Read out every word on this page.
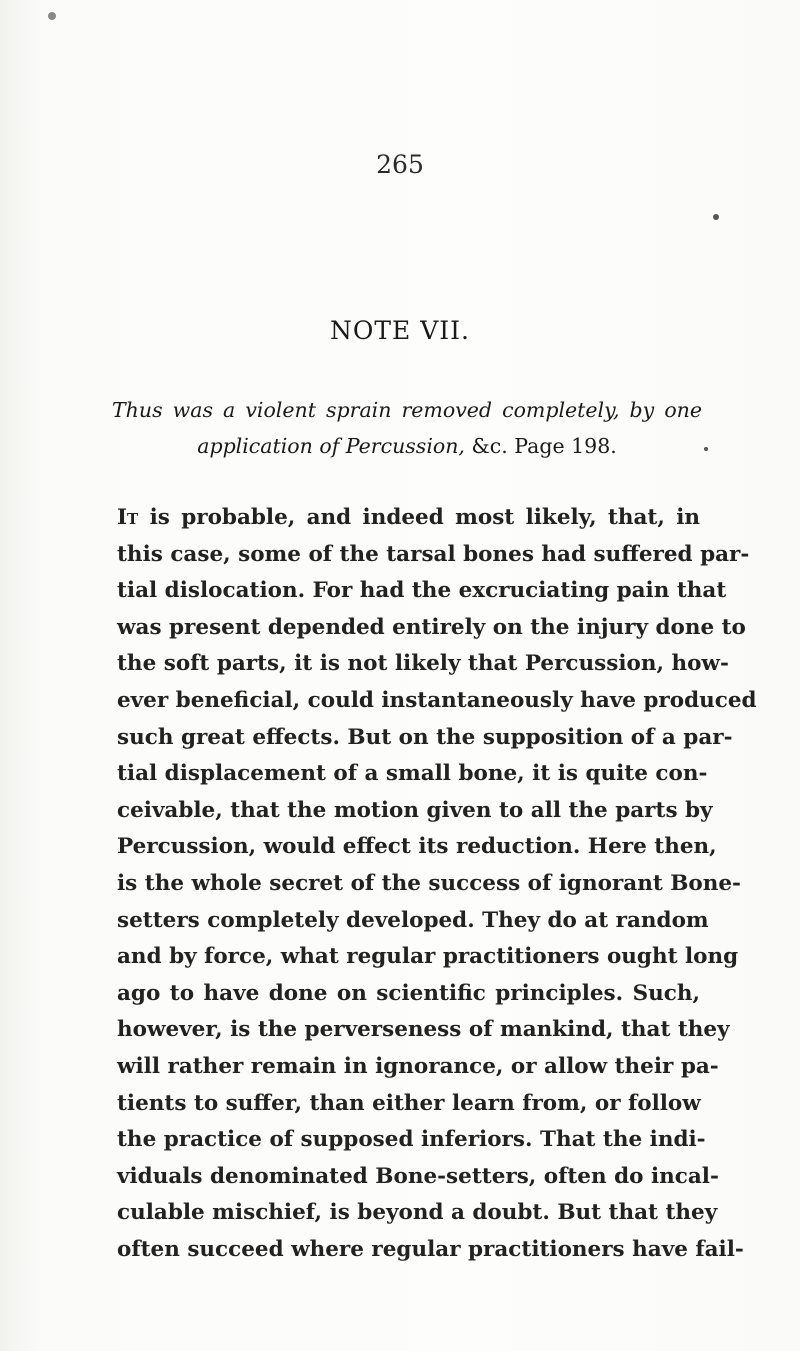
265
NOTE VII.
Thus was a violent sprain removed completely, by one
application of Percussion, &c. Page 198.
It is probable, and indeed most likely, that, in
this case, some of the tarsal bones had suffered par-
tial dislocation. For had the excruciating pain that
was present depended entirely on the injury done to
the soft parts, it is not likely that Percussion, how-
ever beneficial, could instantaneously have produced
such great effects. But on the supposition of a par-
tial displacement of a small bone, it is quite con-
ceivable, that the motion given to all the parts by
Percussion, would effect its reduction. Here then,
is the whole secret of the success of ignorant Bone-
setters completely developed. They do at random
and by force, what regular practitioners ought long
ago to have done on scientific principles. Such,
however, is the perverseness of mankind, that they
will rather remain in ignorance, or allow their pa-
tients to suffer, than either learn from, or follow
the practice of supposed inferiors. That the indi-
viduals denominated Bone-setters, often do incal-
culable mischief, is beyond a doubt. But that they
often succeed where regular practitioners have fail-
